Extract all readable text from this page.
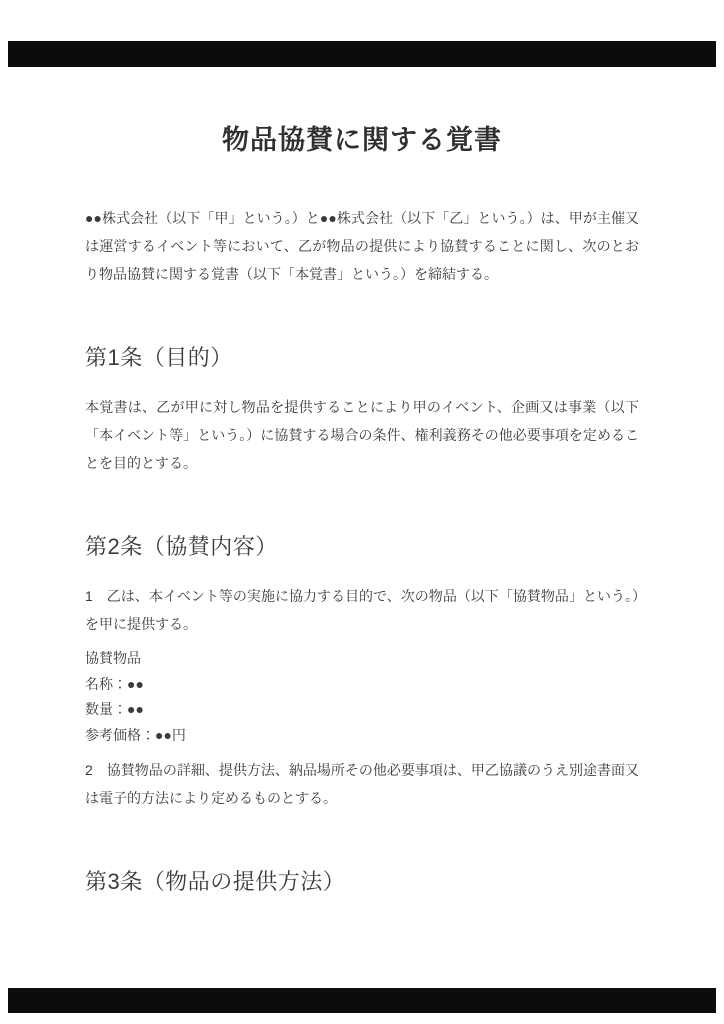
物品協賛に関する覚書

●●株式会社（以下「甲」という。）と●●株式会社（以下「乙」という。）は、甲が主催又は運営するイベント等において、乙が物品の提供により協賛することに関し、次のとおり物品協賛に関する覚書（以下「本覚書」という。）を締結する。

第1条（目的）

本覚書は、乙が甲に対し物品を提供することにより甲のイベント、企画又は事業（以下「本イベント等」という。）に協賛する場合の条件、権利義務その他必要事項を定めることを目的とする。

第2条（協賛内容）

1　乙は、本イベント等の実施に協力する目的で、次の物品（以下「協賛物品」という。）を甲に提供する。

協賛物品
名称：●●
数量：●●
参考価格：●●円

2　協賛物品の詳細、提供方法、納品場所その他必要事項は、甲乙協議のうえ別途書面又は電子的方法により定めるものとする。

第3条（物品の提供方法）
